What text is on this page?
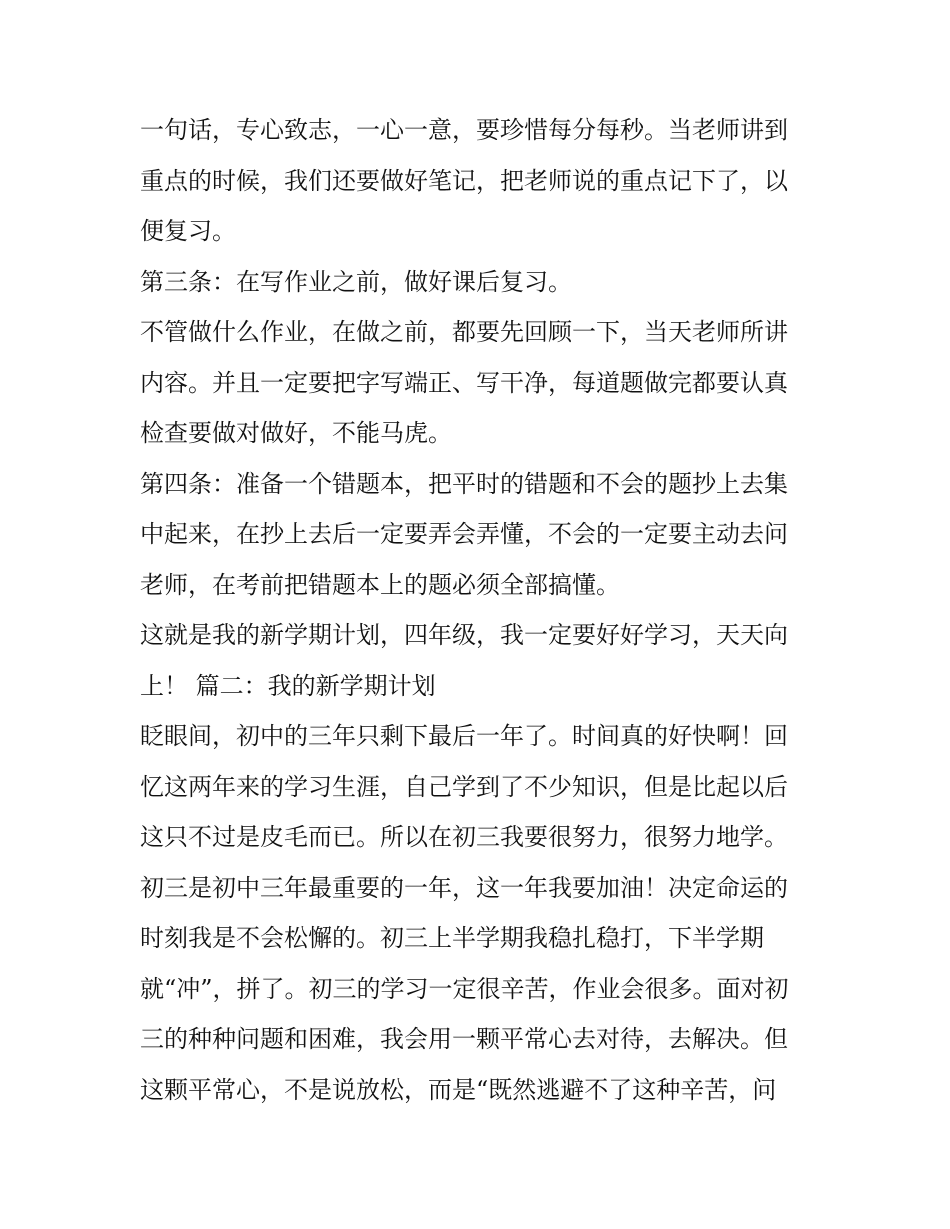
一句话，专心致志，一心一意，要珍惜每分每秒。当老师讲到
重点的时候，我们还要做好笔记，把老师说的重点记下了，以
便复习。
第三条：在写作业之前，做好课后复习。
不管做什么作业，在做之前，都要先回顾一下，当天老师所讲
内容。并且一定要把字写端正、写干净，每道题做完都要认真
检查要做对做好，不能马虎。
第四条：准备一个错题本，把平时的错题和不会的题抄上去集
中起来，在抄上去后一定要弄会弄懂，不会的一定要主动去问
老师，在考前把错题本上的题必须全部搞懂。
这就是我的新学期计划，四年级，我一定要好好学习，天天向
上！ 篇二：我的新学期计划
眨眼间，初中的三年只剩下最后一年了。时间真的好快啊！回
忆这两年来的学习生涯，自己学到了不少知识，但是比起以后
这只不过是皮毛而已。所以在初三我要很努力，很努力地学。
初三是初中三年最重要的一年，这一年我要加油！决定命运的
时刻我是不会松懈的。初三上半学期我稳扎稳打，下半学期
就“冲”，拼了。初三的学习一定很辛苦，作业会很多。面对初
三的种种问题和困难，我会用一颗平常心去对待，去解决。但
这颗平常心，不是说放松，而是“既然逃避不了这种辛苦，问
